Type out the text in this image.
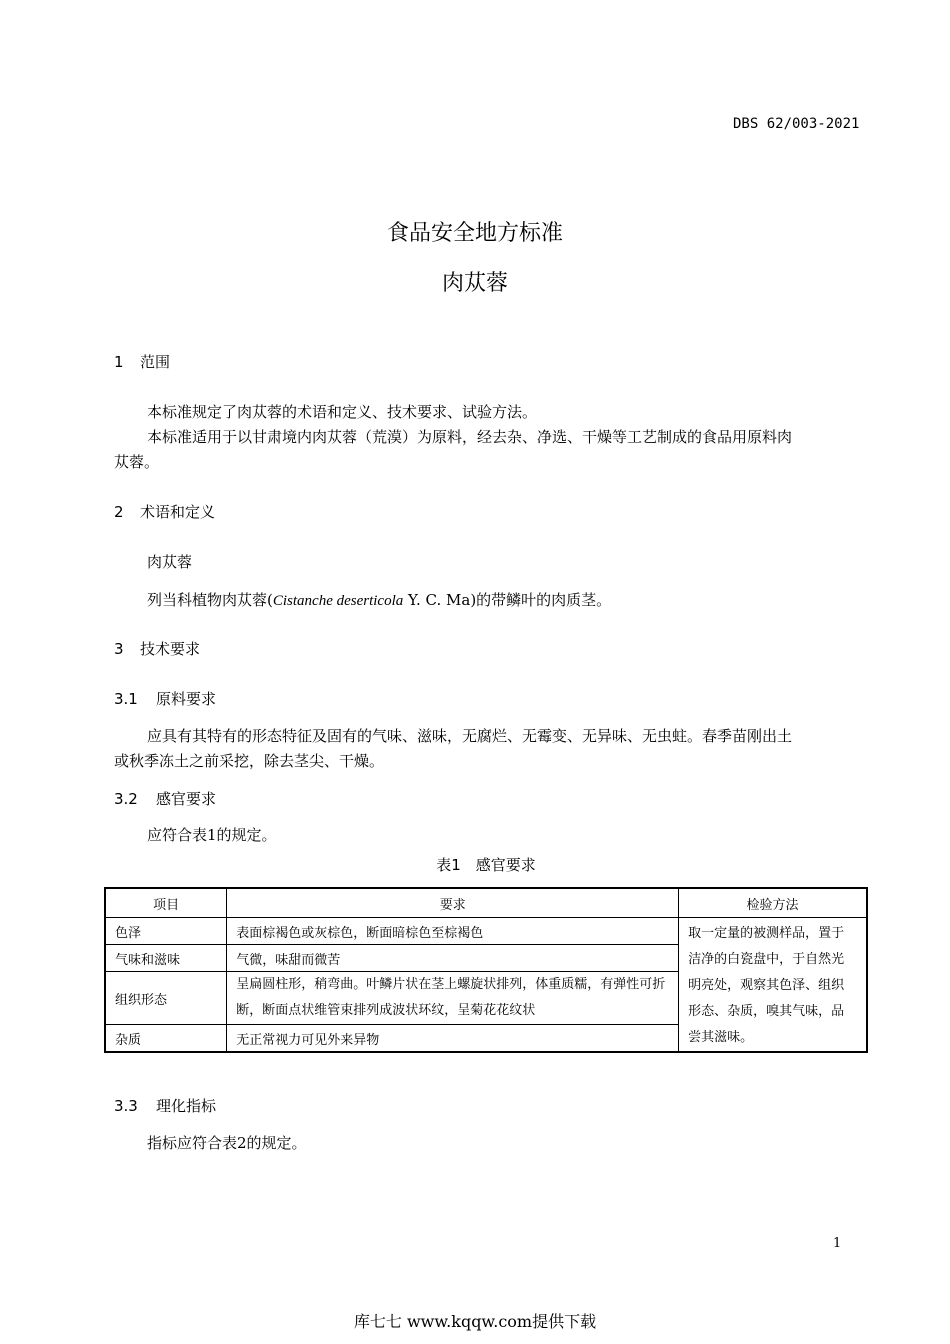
DBS 62/003-2021
食品安全地方标准
肉苁蓉
1 范围
本标准规定了肉苁蓉的术语和定义、技术要求、试验方法。
本标准适用于以甘肃境内肉苁蓉（荒漠）为原料，经去杂、净选、干燥等工艺制成的食品用原料肉
苁蓉。
2 术语和定义
肉苁蓉
列当科植物肉苁蓉(Cistanche deserticola Y. C. Ma)的带鳞叶的肉质茎。
3 技术要求
3.1 原料要求
应具有其特有的形态特征及固有的气味、滋味，无腐烂、无霉变、无异味、无虫蛀。春季苗刚出土
或秋季冻土之前采挖，除去茎尖、干燥。
3.2 感官要求
应符合表1的规定。
表1　感官要求
项目	要求	检验方法
色泽	表面棕褐色或灰棕色，断面暗棕色至棕褐色	取一定量的被测样品，置于洁净的白瓷盘中，于自然光明亮处，观察其色泽、组织形态、杂质，嗅其气味，品尝其滋味。
气味和滋味	气微，味甜而微苦	
组织形态	呈扁圆柱形，稍弯曲。叶鳞片状在茎上螺旋状排列，体重质糯，有弹性可折断，断面点状维管束排列成波状环纹，呈菊花花纹状	
杂质	无正常视力可见外来异物	
3.3 理化指标
指标应符合表2的规定。
1
库七七 www.kqqw.com提供下载
